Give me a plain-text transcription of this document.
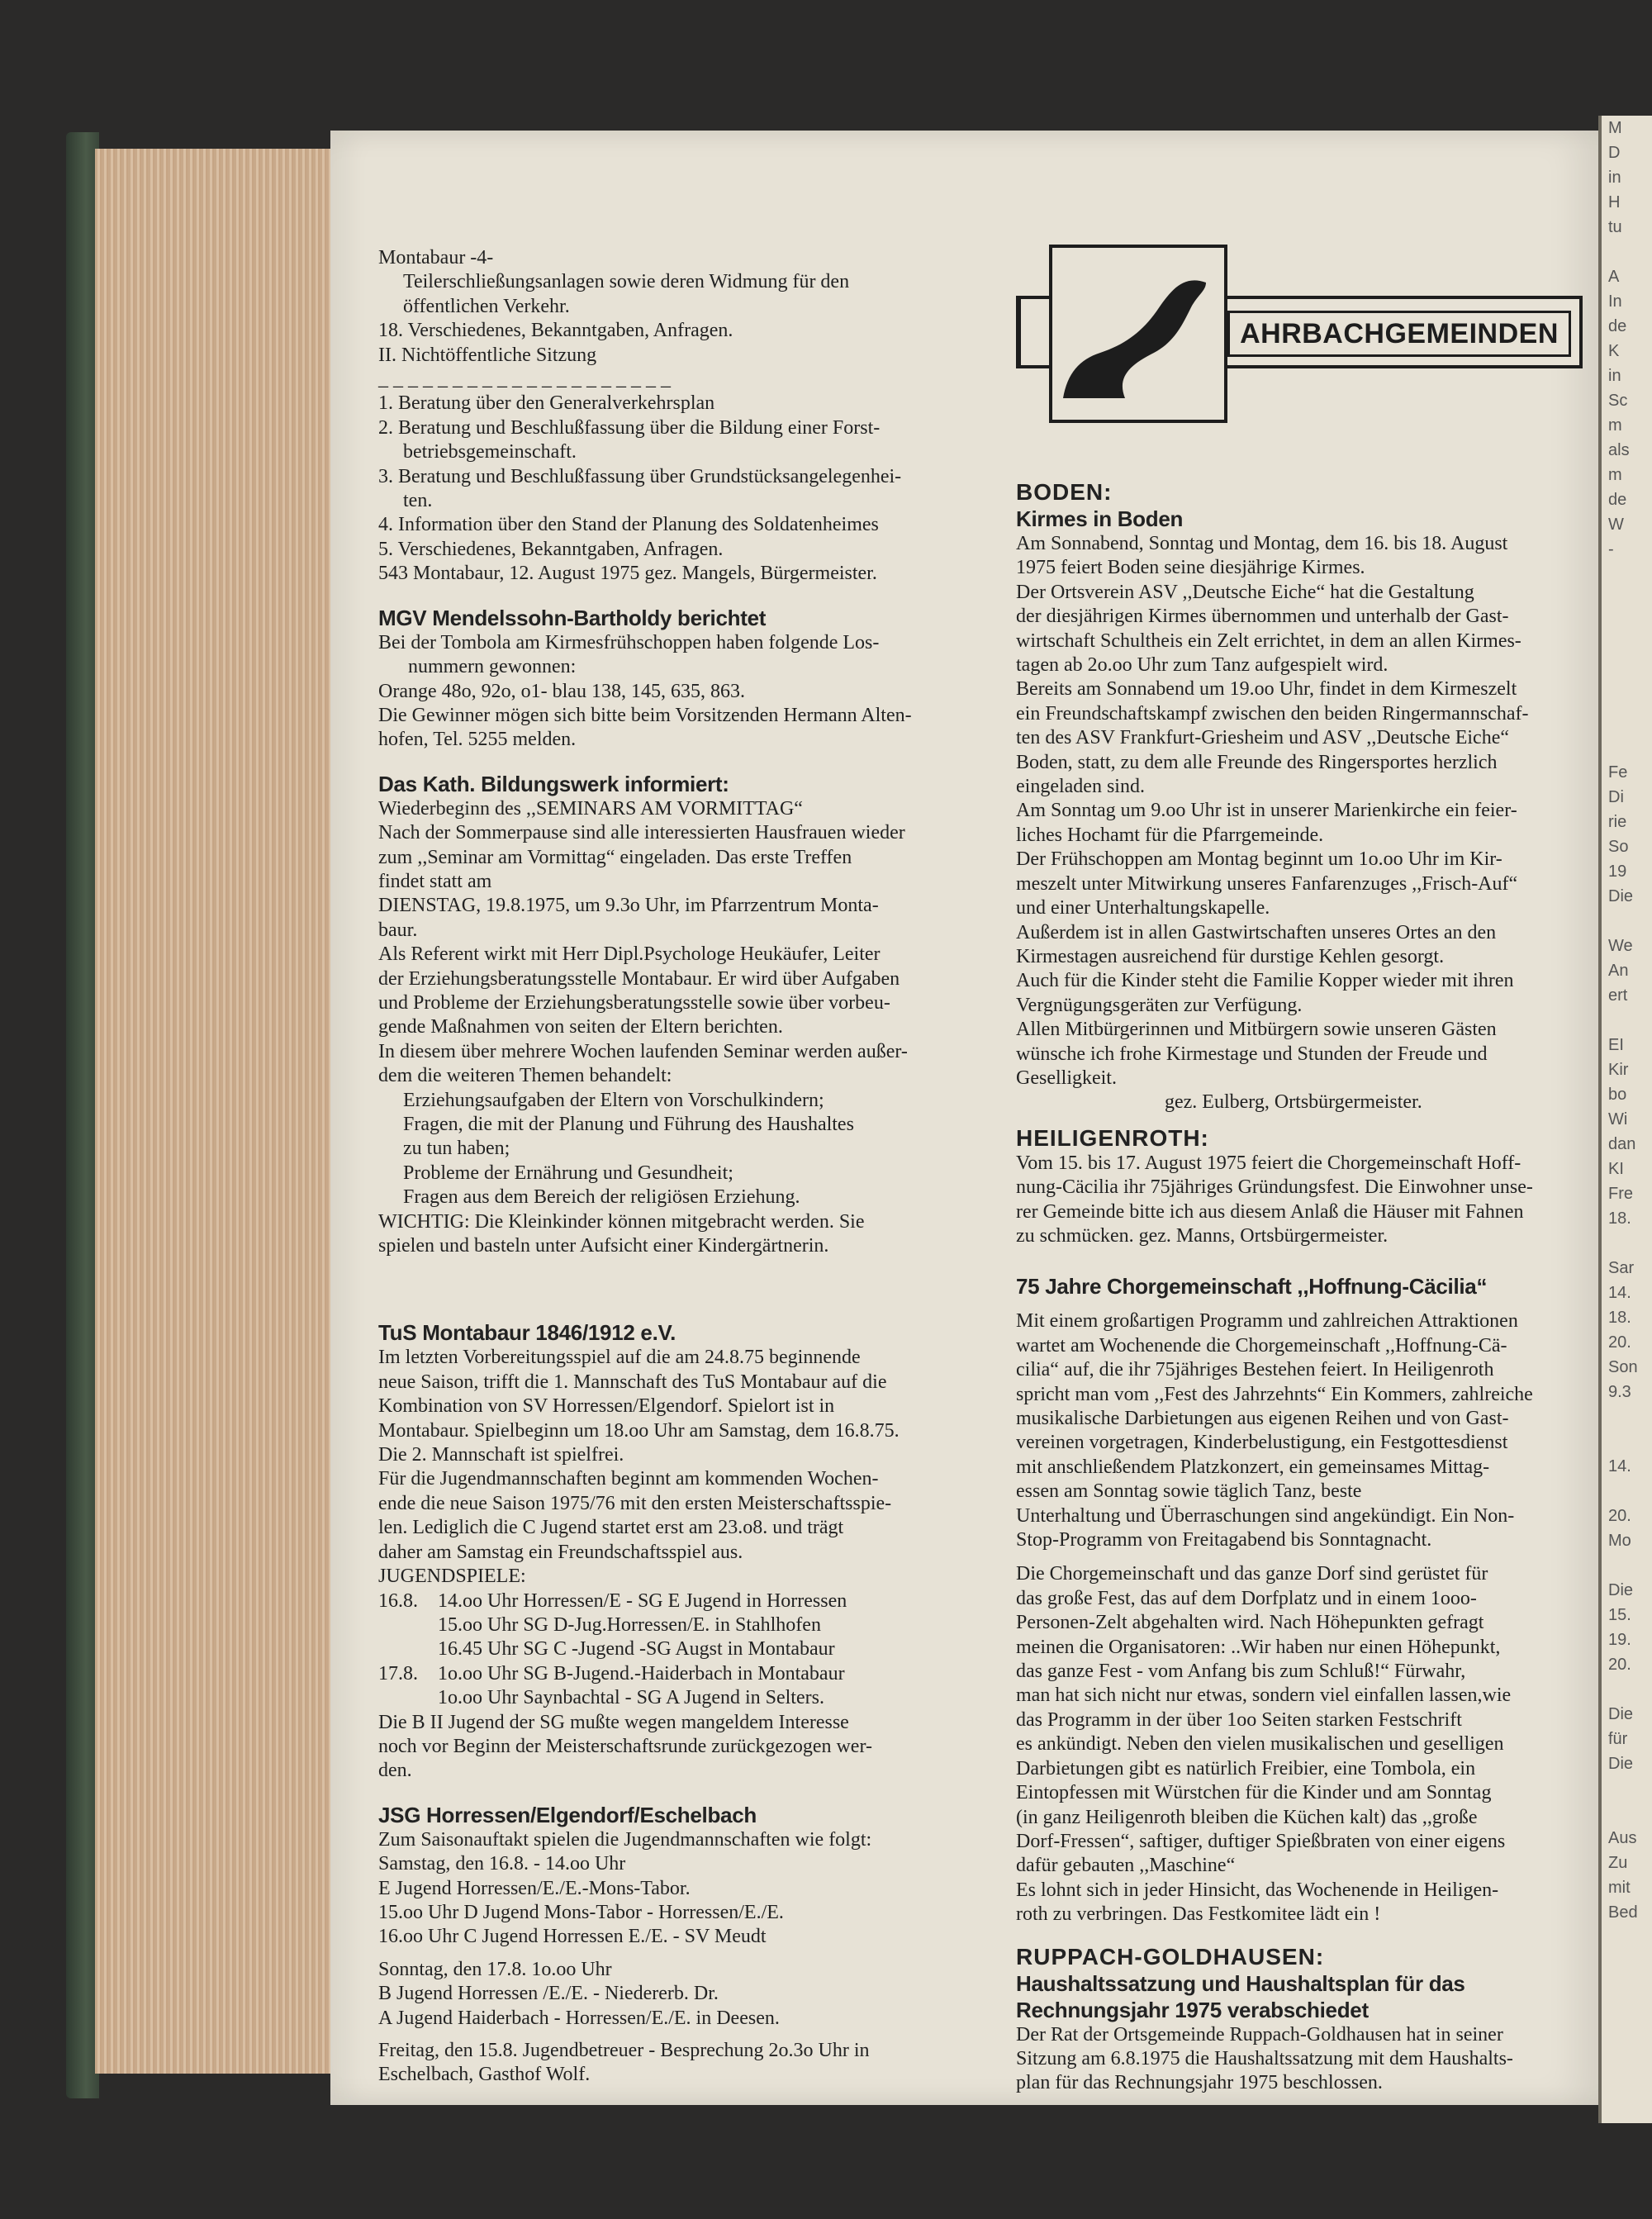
M
D
in
H
tu

A
In
de
K
in
Sc
m
als
m
de
W
-

Fe
Di
rie
So
19
Die

We
An
ert

EI
Kir
bo
Wi
dan
KI
Fre
18.

Sar
14.
18.
20.
Son
9.3

14.

20.
Mo

Die
15.
19.
20.

Die
für
Die

Aus
Zu
mit
Bed

Montabaur -4-

Teilerschließungsanlagen sowie deren Widmung für den

öffentlichen Verkehr.

18. Verschiedenes, Bekanntgaben, Anfragen.

II. Nichtöffentliche Sitzung

_ _ _ _ _ _ _ _ _ _ _ _ _ _ _ _ _ _ _ _

1. Beratung über den Generalverkehrsplan

2. Beratung und Beschlußfassung über die Bildung einer Forst-

betriebsgemeinschaft.

3. Beratung und Beschlußfassung über Grundstücksangelegenhei-

ten.

4. Information über den Stand der Planung des Soldatenheimes

5. Verschiedenes, Bekanntgaben, Anfragen.

543 Montabaur, 12. August 1975 gez. Mangels, Bürgermeister.

MGV Mendelssohn-Bartholdy berichtet

Bei der Tombola am Kirmesfrühschoppen haben folgende Los-

nummern gewonnen:

Orange 48o, 92o, o1- blau 138, 145, 635, 863.

Die Gewinner mögen sich bitte beim Vorsitzenden Hermann Alten-

hofen, Tel. 5255 melden.

Das Kath. Bildungswerk informiert:

Wiederbeginn des ,,SEMINARS AM VORMITTAG“

Nach der Sommerpause sind alle interessierten Hausfrauen wieder

zum ,,Seminar am Vormittag“ eingeladen. Das erste Treffen

findet statt am

DIENSTAG, 19.8.1975, um 9.3o Uhr, im Pfarrzentrum Monta-

baur.

Als Referent wirkt mit Herr Dipl.Psychologe Heukäufer, Leiter

der Erziehungsberatungsstelle Montabaur. Er wird über Aufgaben

und Probleme der Erziehungsberatungsstelle sowie über vorbeu-

gende Maßnahmen von seiten der Eltern berichten.

In diesem über mehrere Wochen laufenden Seminar werden außer-

dem die weiteren Themen behandelt:

Erziehungsaufgaben der Eltern von Vorschulkindern;

Fragen, die mit der Planung und Führung des Haushaltes

zu tun haben;

Probleme der Ernährung und Gesundheit;

Fragen aus dem Bereich der religiösen Erziehung.

WICHTIG: Die Kleinkinder können mitgebracht werden. Sie

spielen und basteln unter Aufsicht einer Kindergärtnerin.

TuS Montabaur 1846/1912 e.V.

Im letzten Vorbereitungsspiel auf die am 24.8.75 beginnende

neue Saison, trifft die 1. Mannschaft des TuS Montabaur auf die

Kombination von SV Horressen/Elgendorf. Spielort ist in

Montabaur. Spielbeginn um 18.oo Uhr am Samstag, dem 16.8.75.

Die 2. Mannschaft ist spielfrei.

Für die Jugendmannschaften beginnt am kommenden Wochen-

ende die neue Saison 1975/76 mit den ersten Meisterschaftsspie-

len. Lediglich die C Jugend startet erst am 23.o8. und trägt

daher am Samstag ein Freundschaftsspiel aus.

JUGENDSPIELE:

16.8.	14.oo Uhr Horressen/E - SG E Jugend in Horressen
15.oo Uhr SG D-Jug.Horressen/E. in Stahlhofen
16.45 Uhr SG C -Jugend -SG Augst in Montabaur
17.8.	1o.oo Uhr SG B-Jugend.-Haiderbach in Montabaur
1o.oo Uhr Saynbachtal - SG A Jugend in Selters.

Die B II Jugend der SG mußte wegen mangeldem Interesse

noch vor Beginn der Meisterschaftsrunde zurückgezogen wer-

den.

JSG Horressen/Elgendorf/Eschelbach

Zum Saisonauftakt spielen die Jugendmannschaften wie folgt:

Samstag, den 16.8. - 14.oo Uhr

E Jugend Horressen/E./E.-Mons-Tabor.

15.oo Uhr D Jugend Mons-Tabor - Horressen/E./E.

16.oo Uhr C Jugend Horressen E./E. - SV Meudt

Sonntag, den 17.8. 1o.oo Uhr

B Jugend Horressen /E./E. - Niedererb. Dr.

A Jugend Haiderbach - Horressen/E./E. in Deesen.

Freitag, den 15.8. Jugendbetreuer - Besprechung 2o.3o Uhr in

Eschelbach, Gasthof Wolf.

AHRBACHGEMEINDEN

BODEN:

Kirmes in Boden

Am Sonnabend, Sonntag und Montag, dem 16. bis 18. August

1975 feiert Boden seine diesjährige Kirmes.

Der Ortsverein ASV ,,Deutsche Eiche“ hat die Gestaltung

der diesjährigen Kirmes übernommen und unterhalb der Gast-

wirtschaft Schultheis ein Zelt errichtet, in dem an allen Kirmes-

tagen ab 2o.oo Uhr zum Tanz aufgespielt wird.

Bereits am Sonnabend um 19.oo Uhr, findet in dem Kirmeszelt

ein Freundschaftskampf zwischen den beiden Ringermannschaf-

ten des ASV Frankfurt-Griesheim und ASV ,,Deutsche Eiche“

Boden, statt, zu dem alle Freunde des Ringersportes herzlich

eingeladen sind.

Am Sonntag um 9.oo Uhr ist in unserer Marienkirche ein feier-

liches Hochamt für die Pfarrgemeinde.

Der Frühschoppen am Montag beginnt um 1o.oo Uhr im Kir-

meszelt unter Mitwirkung unseres Fanfarenzuges ,,Frisch-Auf“

und einer Unterhaltungskapelle.

Außerdem ist in allen Gastwirtschaften unseres Ortes an den

Kirmestagen ausreichend für durstige Kehlen gesorgt.

Auch für die Kinder steht die Familie Kopper wieder mit ihren

Vergnügungsgeräten zur Verfügung.

Allen Mitbürgerinnen und Mitbürgern sowie unseren Gästen

wünsche ich frohe Kirmestage und Stunden der Freude und

Geselligkeit.

gez. Eulberg, Ortsbürgermeister.

HEILIGENROTH:

Vom 15. bis 17. August 1975 feiert die Chorgemeinschaft Hoff-

nung-Cäcilia ihr 75jähriges Gründungsfest. Die Einwohner unse-

rer Gemeinde bitte ich aus diesem Anlaß die Häuser mit Fahnen

zu schmücken. gez. Manns, Ortsbürgermeister.

75 Jahre Chorgemeinschaft ,,Hoffnung-Cäcilia“

Mit einem großartigen Programm und zahlreichen Attraktionen

wartet am Wochenende die Chorgemeinschaft ,,Hoffnung-Cä-

cilia“ auf, die ihr 75jähriges Bestehen feiert. In Heiligenroth

spricht man vom ,,Fest des Jahrzehnts“ Ein Kommers, zahlreiche

musikalische Darbietungen aus eigenen Reihen und von Gast-

vereinen vorgetragen, Kinderbelustigung, ein Festgottesdienst

mit anschließendem Platzkonzert, ein gemeinsames Mittag-

essen am Sonntag sowie täglich Tanz, beste

Unterhaltung und Überraschungen sind angekündigt. Ein Non-

Stop-Programm von Freitagabend bis Sonntagnacht.

Die Chorgemeinschaft und das ganze Dorf sind gerüstet für

das große Fest, das auf dem Dorfplatz und in einem 1ooo-

Personen-Zelt abgehalten wird. Nach Höhepunkten gefragt

meinen die Organisatoren: ..Wir haben nur einen Höhepunkt,

das ganze Fest - vom Anfang bis zum Schluß!“ Fürwahr,

man hat sich nicht nur etwas, sondern viel einfallen lassen,wie

das Programm in der über 1oo Seiten starken Festschrift

es ankündigt. Neben den vielen musikalischen und geselligen

Darbietungen gibt es natürlich Freibier, eine Tombola, ein

Eintopfessen mit Würstchen für die Kinder und am Sonntag

(in ganz Heiligenroth bleiben die Küchen kalt) das ,,große

Dorf-Fressen“, saftiger, duftiger Spießbraten von einer eigens

dafür gebauten ,,Maschine“

Es lohnt sich in jeder Hinsicht, das Wochenende in Heiligen-

roth zu verbringen. Das Festkomitee lädt ein !

RUPPACH-GOLDHAUSEN:

Haushaltssatzung und Haushaltsplan für das Rechnungsjahr 1975 verabschiedet

Der Rat der Ortsgemeinde Ruppach-Goldhausen hat in seiner

Sitzung am 6.8.1975 die Haushaltssatzung mit dem Haushalts-

plan für das Rechnungsjahr 1975 beschlossen.
